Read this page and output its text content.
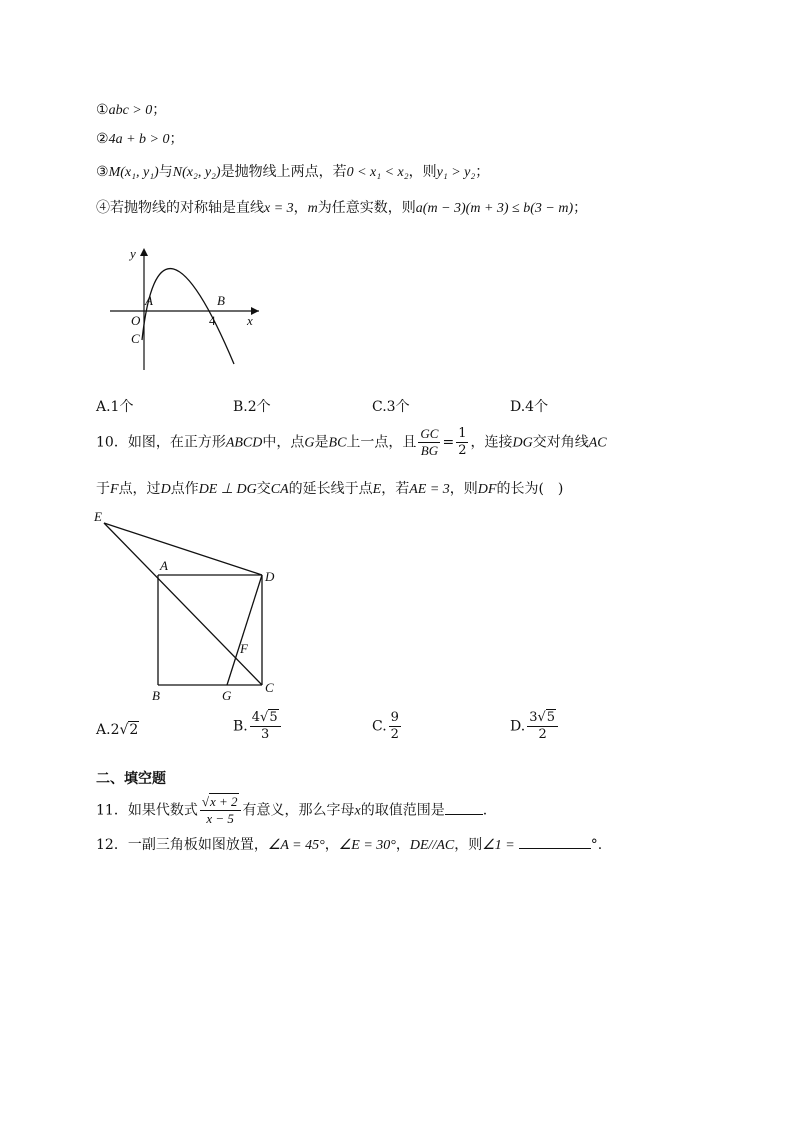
①abc > 0；
②4a + b > 0；
③M(x₁, y₁)与N(x₂, y₂)是抛物线上两点，若0 < x₁ < x₂，则y₁ > y₂；
④若抛物线的对称轴是直线x = 3，m为任意实数，则a(m − 3)(m + 3) ≤ b(3 − m)；
y
x
O
A	B
C
4
A.1个	B.2个	C.3个	D.4个
10．如图，在正方形ABCD中，点G是BC上一点，且 $\frac{GC}{BG} = \frac{1}{2}$ ，连接DG交对角线AC
于F点，过D点作DE ⊥ DG交CA的延长线于点E，若AE = 3，则DF的长为(　)
E
A
D
F
B	G
C
A.2√2	B. $\frac{4√5}{3}$	C. $\frac{9}{2}$	D. $\frac{3√5}{2}$
二、填空题
11．如果代数式 $\frac{√x + 2}{x - 5}$ 有意义，那么字母x的取值范围是	.
12．一副三角板如图放置，∠A = 45°，∠E = 30°，DE//AC，则∠1 =	°.
